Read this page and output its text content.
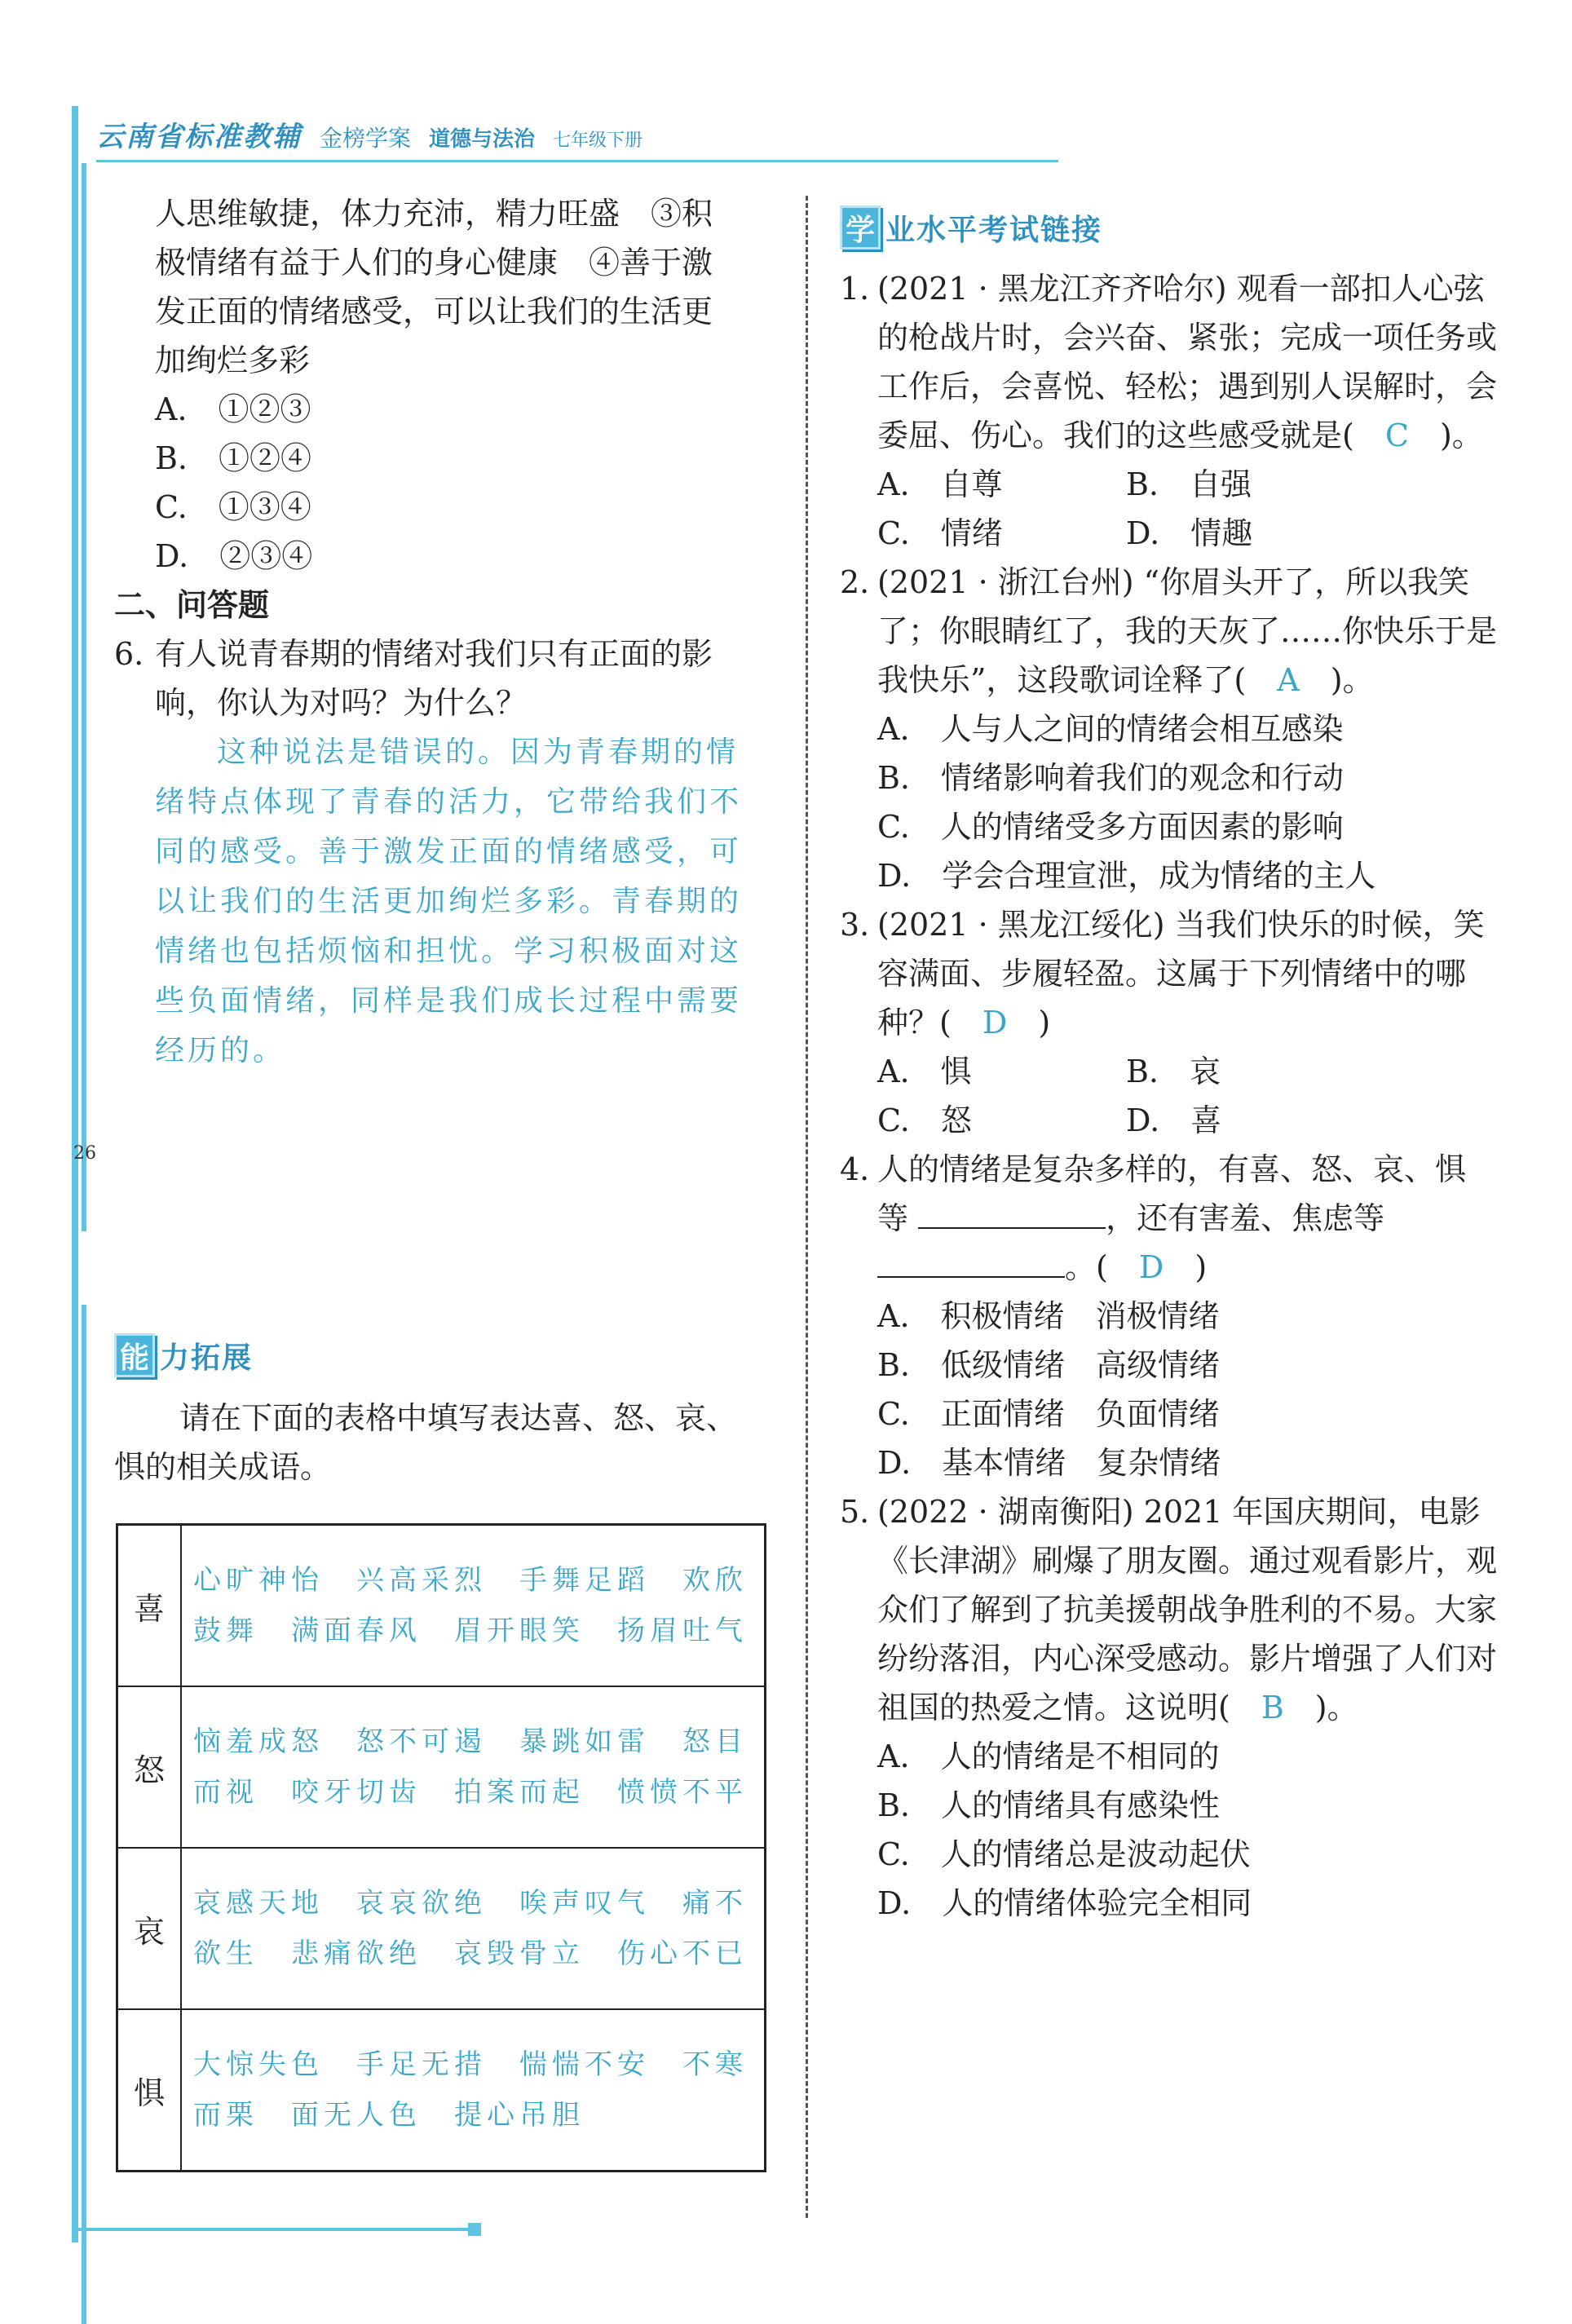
26
云南省标准教辅 金榜学案 道德与法治 七年级下册
人思维敏捷，体力充沛，精力旺盛　③积
极情绪有益于人们的身心健康　④善于激
发正面的情绪感受，可以让我们的生活更
加绚烂多彩
A.　①②③
B.　①②④
C.　①③④
D.　②③④
二、问答题
6. 有人说青春期的情绪对我们只有正面的影响，你认为对吗？为什么？
这种说法是错误的。因为青春期的情绪特点体现了青春的活力，它带给我们不同的感受。善于激发正面的情绪感受，可以让我们的生活更加绚烂多彩。青春期的情绪也包括烦恼和担忧。学习积极面对这些负面情绪，同样是我们成长过程中需要经历的。
能 力拓展
请在下面的表格中填写表达喜、怒、哀、惧的相关成语。
喜	心旷神怡　兴高采烈　手舞足蹈　欢欣鼓舞　满面春风　眉开眼笑　扬眉吐气
怒	恼羞成怒　怒不可遏　暴跳如雷　怒目而视　咬牙切齿　拍案而起　愤愤不平
哀	哀感天地　哀哀欲绝　唉声叹气　痛不欲生　悲痛欲绝　哀毁骨立　伤心不已
惧	大惊失色　手足无措　惴惴不安　不寒而栗　面无人色　提心吊胆
学 业水平考试链接
1. (2021 · 黑龙江齐齐哈尔) 观看一部扣人心弦的枪战片时，会兴奋、紧张；完成一项任务或工作后，会喜悦、轻松；遇到别人误解时，会委屈、伤心。我们的这些感受就是(　 C　 )。
A.　自尊	B.　自强
C.　情绪	D.　情趣
2. (2021 · 浙江台州) “你眉头开了，所以我笑了；你眼睛红了，我的天灰了……你快乐于是我快乐”，这段歌词诠释了(　 A　 )。
A.　人与人之间的情绪会相互感染
B.　情绪影响着我们的观念和行动
C.　人的情绪受多方面因素的影响
D.　学会合理宣泄，成为情绪的主人
3. (2021 · 黑龙江绥化) 当我们快乐的时候，笑容满面、步履轻盈。这属于下列情绪中的哪种？(　 D　 )
A.　惧	B.　哀
C.　怒	D.　喜
4. 人的情绪是复杂多样的，有喜、怒、哀、惧等	，还有害羞、焦虑等
。(　 D　 )
A.　积极情绪　消极情绪
B.　低级情绪　高级情绪
C.　正面情绪　负面情绪
D.　基本情绪　复杂情绪
5. (2022 · 湖南衡阳) 2021 年国庆期间，电影《长津湖》刷爆了朋友圈。通过观看影片，观众们了解到了抗美援朝战争胜利的不易。大家纷纷落泪，内心深受感动。影片增强了人们对祖国的热爱之情。这说明(　 B　 )。
A.　人的情绪是不相同的
B.　人的情绪具有感染性
C.　人的情绪总是波动起伏
D.　人的情绪体验完全相同
